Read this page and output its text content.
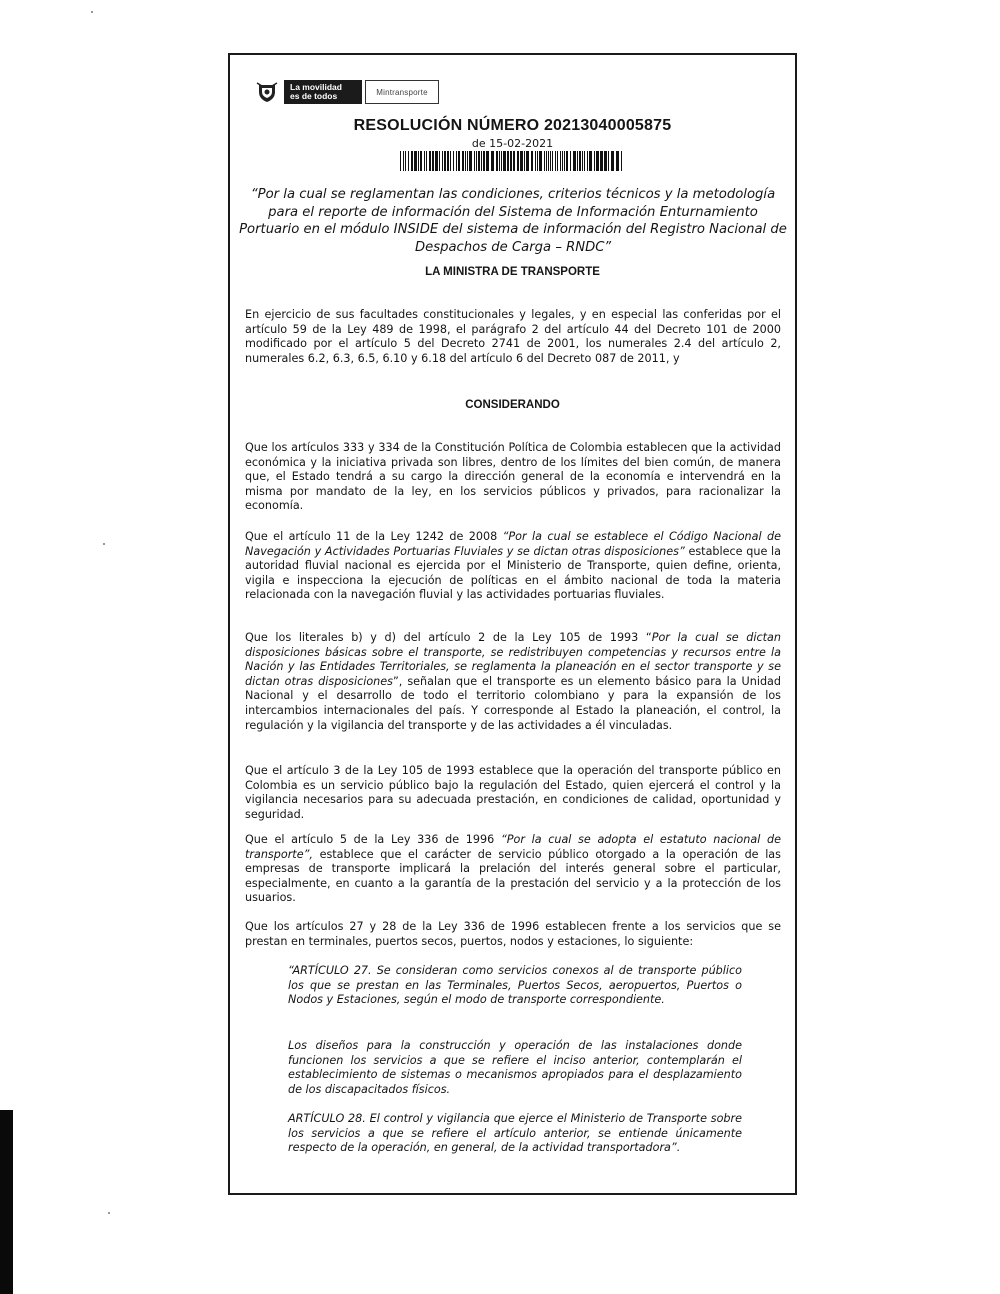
La movilidad
es de todos	Mintransporte
RESOLUCIÓN NÚMERO 20213040005875
de 15-02-2021
“Por la cual se reglamentan las condiciones, criterios técnicos y la metodología para el reporte de información del Sistema de Información Enturnamiento Portuario en el módulo INSIDE del sistema de información del Registro Nacional de Despachos de Carga – RNDC”
LA MINISTRA DE TRANSPORTE

En ejercicio de sus facultades constitucionales y legales, y en especial las conferidas por el artículo 59 de la Ley 489 de 1998, el parágrafo 2 del artículo 44 del Decreto 101 de 2000 modificado por el artículo 5 del Decreto 2741 de 2001, los numerales 2.4 del artículo 2, numerales 6.2, 6.3, 6.5, 6.10 y 6.18 del artículo 6 del Decreto 087 de 2011, y

CONSIDERANDO

Que los artículos 333 y 334 de la Constitución Política de Colombia establecen que la actividad económica y la iniciativa privada son libres, dentro de los límites del bien común, de manera que, el Estado tendrá a su cargo la dirección general de la economía e intervendrá en la misma por mandato de la ley, en los servicios públicos y privados, para racionalizar la economía.

Que el artículo 11 de la Ley 1242 de 2008 “Por la cual se establece el Código Nacional de Navegación y Actividades Portuarias Fluviales y se dictan otras disposiciones” establece que la autoridad fluvial nacional es ejercida por el Ministerio de Transporte, quien define, orienta, vigila e inspecciona la ejecución de políticas en el ámbito nacional de toda la materia relacionada con la navegación fluvial y las actividades portuarias fluviales.

Que los literales b) y d) del artículo 2 de la Ley 105 de 1993 “Por la cual se dictan disposiciones básicas sobre el transporte, se redistribuyen competencias y recursos entre la Nación y las Entidades Territoriales, se reglamenta la planeación en el sector transporte y se dictan otras disposiciones”, señalan que el transporte es un elemento básico para la Unidad Nacional y el desarrollo de todo el territorio colombiano y para la expansión de los intercambios internacionales del país. Y corresponde al Estado la planeación, el control, la regulación y la vigilancia del transporte y de las actividades a él vinculadas.

Que el artículo 3 de la Ley 105 de 1993 establece que la operación del transporte público en Colombia es un servicio público bajo la regulación del Estado, quien ejercerá el control y la vigilancia necesarios para su adecuada prestación, en condiciones de calidad, oportunidad y seguridad.

Que el artículo 5 de la Ley 336 de 1996 “Por la cual se adopta el estatuto nacional de transporte”, establece que el carácter de servicio público otorgado a la operación de las empresas de transporte implicará la prelación del interés general sobre el particular, especialmente, en cuanto a la garantía de la prestación del servicio y a la protección de los usuarios.

Que los artículos 27 y 28 de la Ley 336 de 1996 establecen frente a los servicios que se prestan en terminales, puertos secos, puertos, nodos y estaciones, lo siguiente:

“ARTÍCULO 27. Se consideran como servicios conexos al de transporte público los que se prestan en las Terminales, Puertos Secos, aeropuertos, Puertos o Nodos y Estaciones, según el modo de transporte correspondiente.

Los diseños para la construcción y operación de las instalaciones donde funcionen los servicios a que se refiere el inciso anterior, contemplarán el establecimiento de sistemas o mecanismos apropiados para el desplazamiento de los discapacitados físicos.

ARTÍCULO 28. El control y vigilancia que ejerce el Ministerio de Transporte sobre los servicios a que se refiere el artículo anterior, se entiende únicamente respecto de la operación, en general, de la actividad transportadora”.
